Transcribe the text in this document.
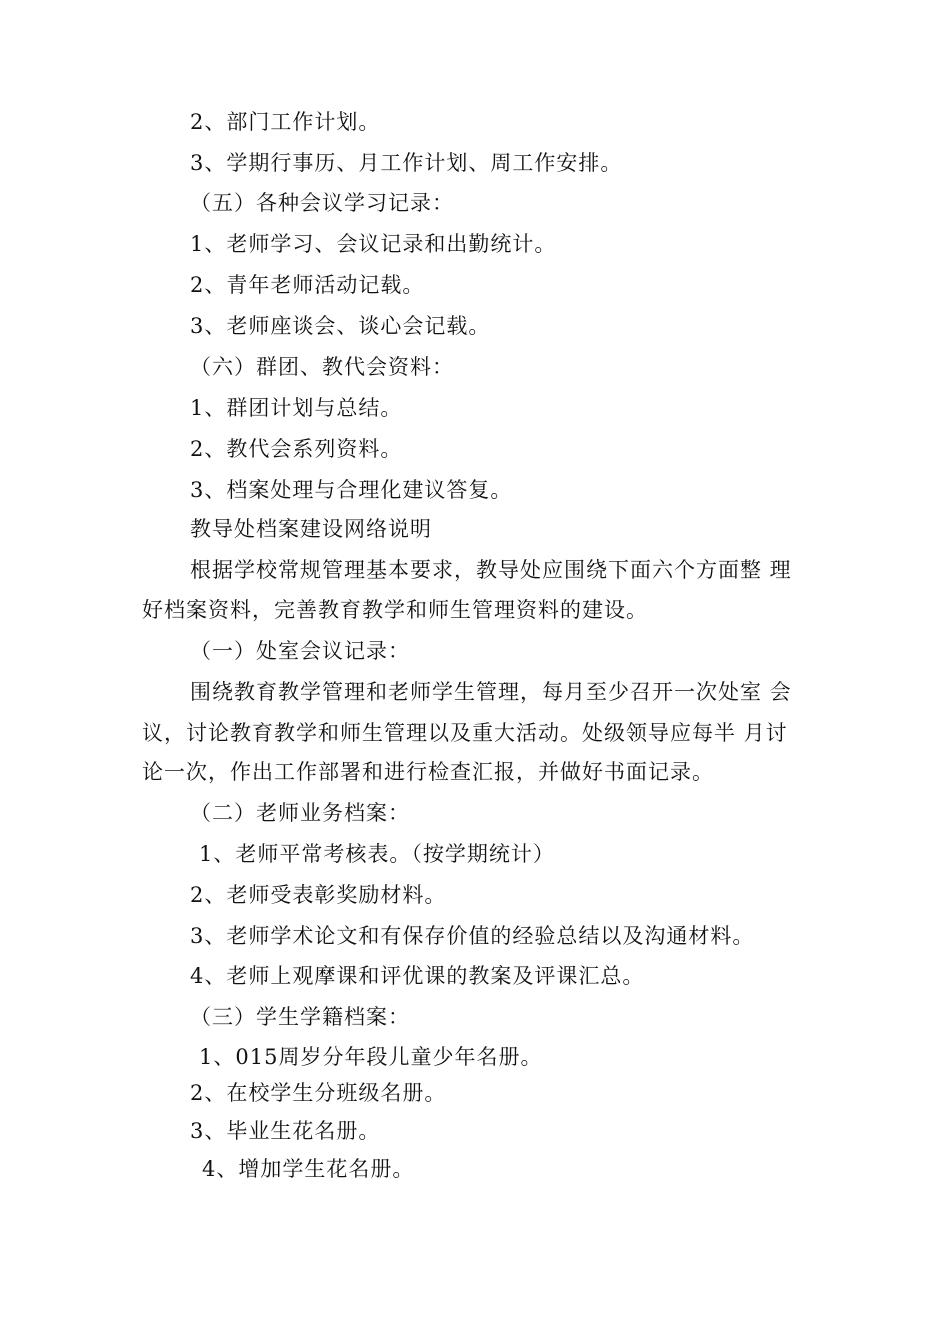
2、部门工作计划。
3、学期行事历、月工作计划、周工作安排。
（五）各种会议学习记录：
1、老师学习、会议记录和出勤统计。
2、青年老师活动记载。
3、老师座谈会、谈心会记载。
（六）群团、教代会资料：
1、群团计划与总结。
2、教代会系列资料。
3、档案处理与合理化建议答复。
教导处档案建设网络说明
根据学校常规管理基本要求，教导处应围绕下面六个方面整 理
好档案资料，完善教育教学和师生管理资料的建设。
（一）处室会议记录：
围绕教育教学管理和老师学生管理，每月至少召开一次处室 会
议，讨论教育教学和师生管理以及重大活动。处级领导应每半 月讨
论一次，作出工作部署和进行检查汇报，并做好书面记录。
（二）老师业务档案：
1、老师平常考核表。（按学期统计）
2、老师受表彰奖励材料。
3、老师学术论文和有保存价值的经验总结以及沟通材料。
4、老师上观摩课和评优课的教案及评课汇总。
（三）学生学籍档案：
1、015周岁分年段儿童少年名册。
2、在校学生分班级名册。
3、毕业生花名册。
4、增加学生花名册。
